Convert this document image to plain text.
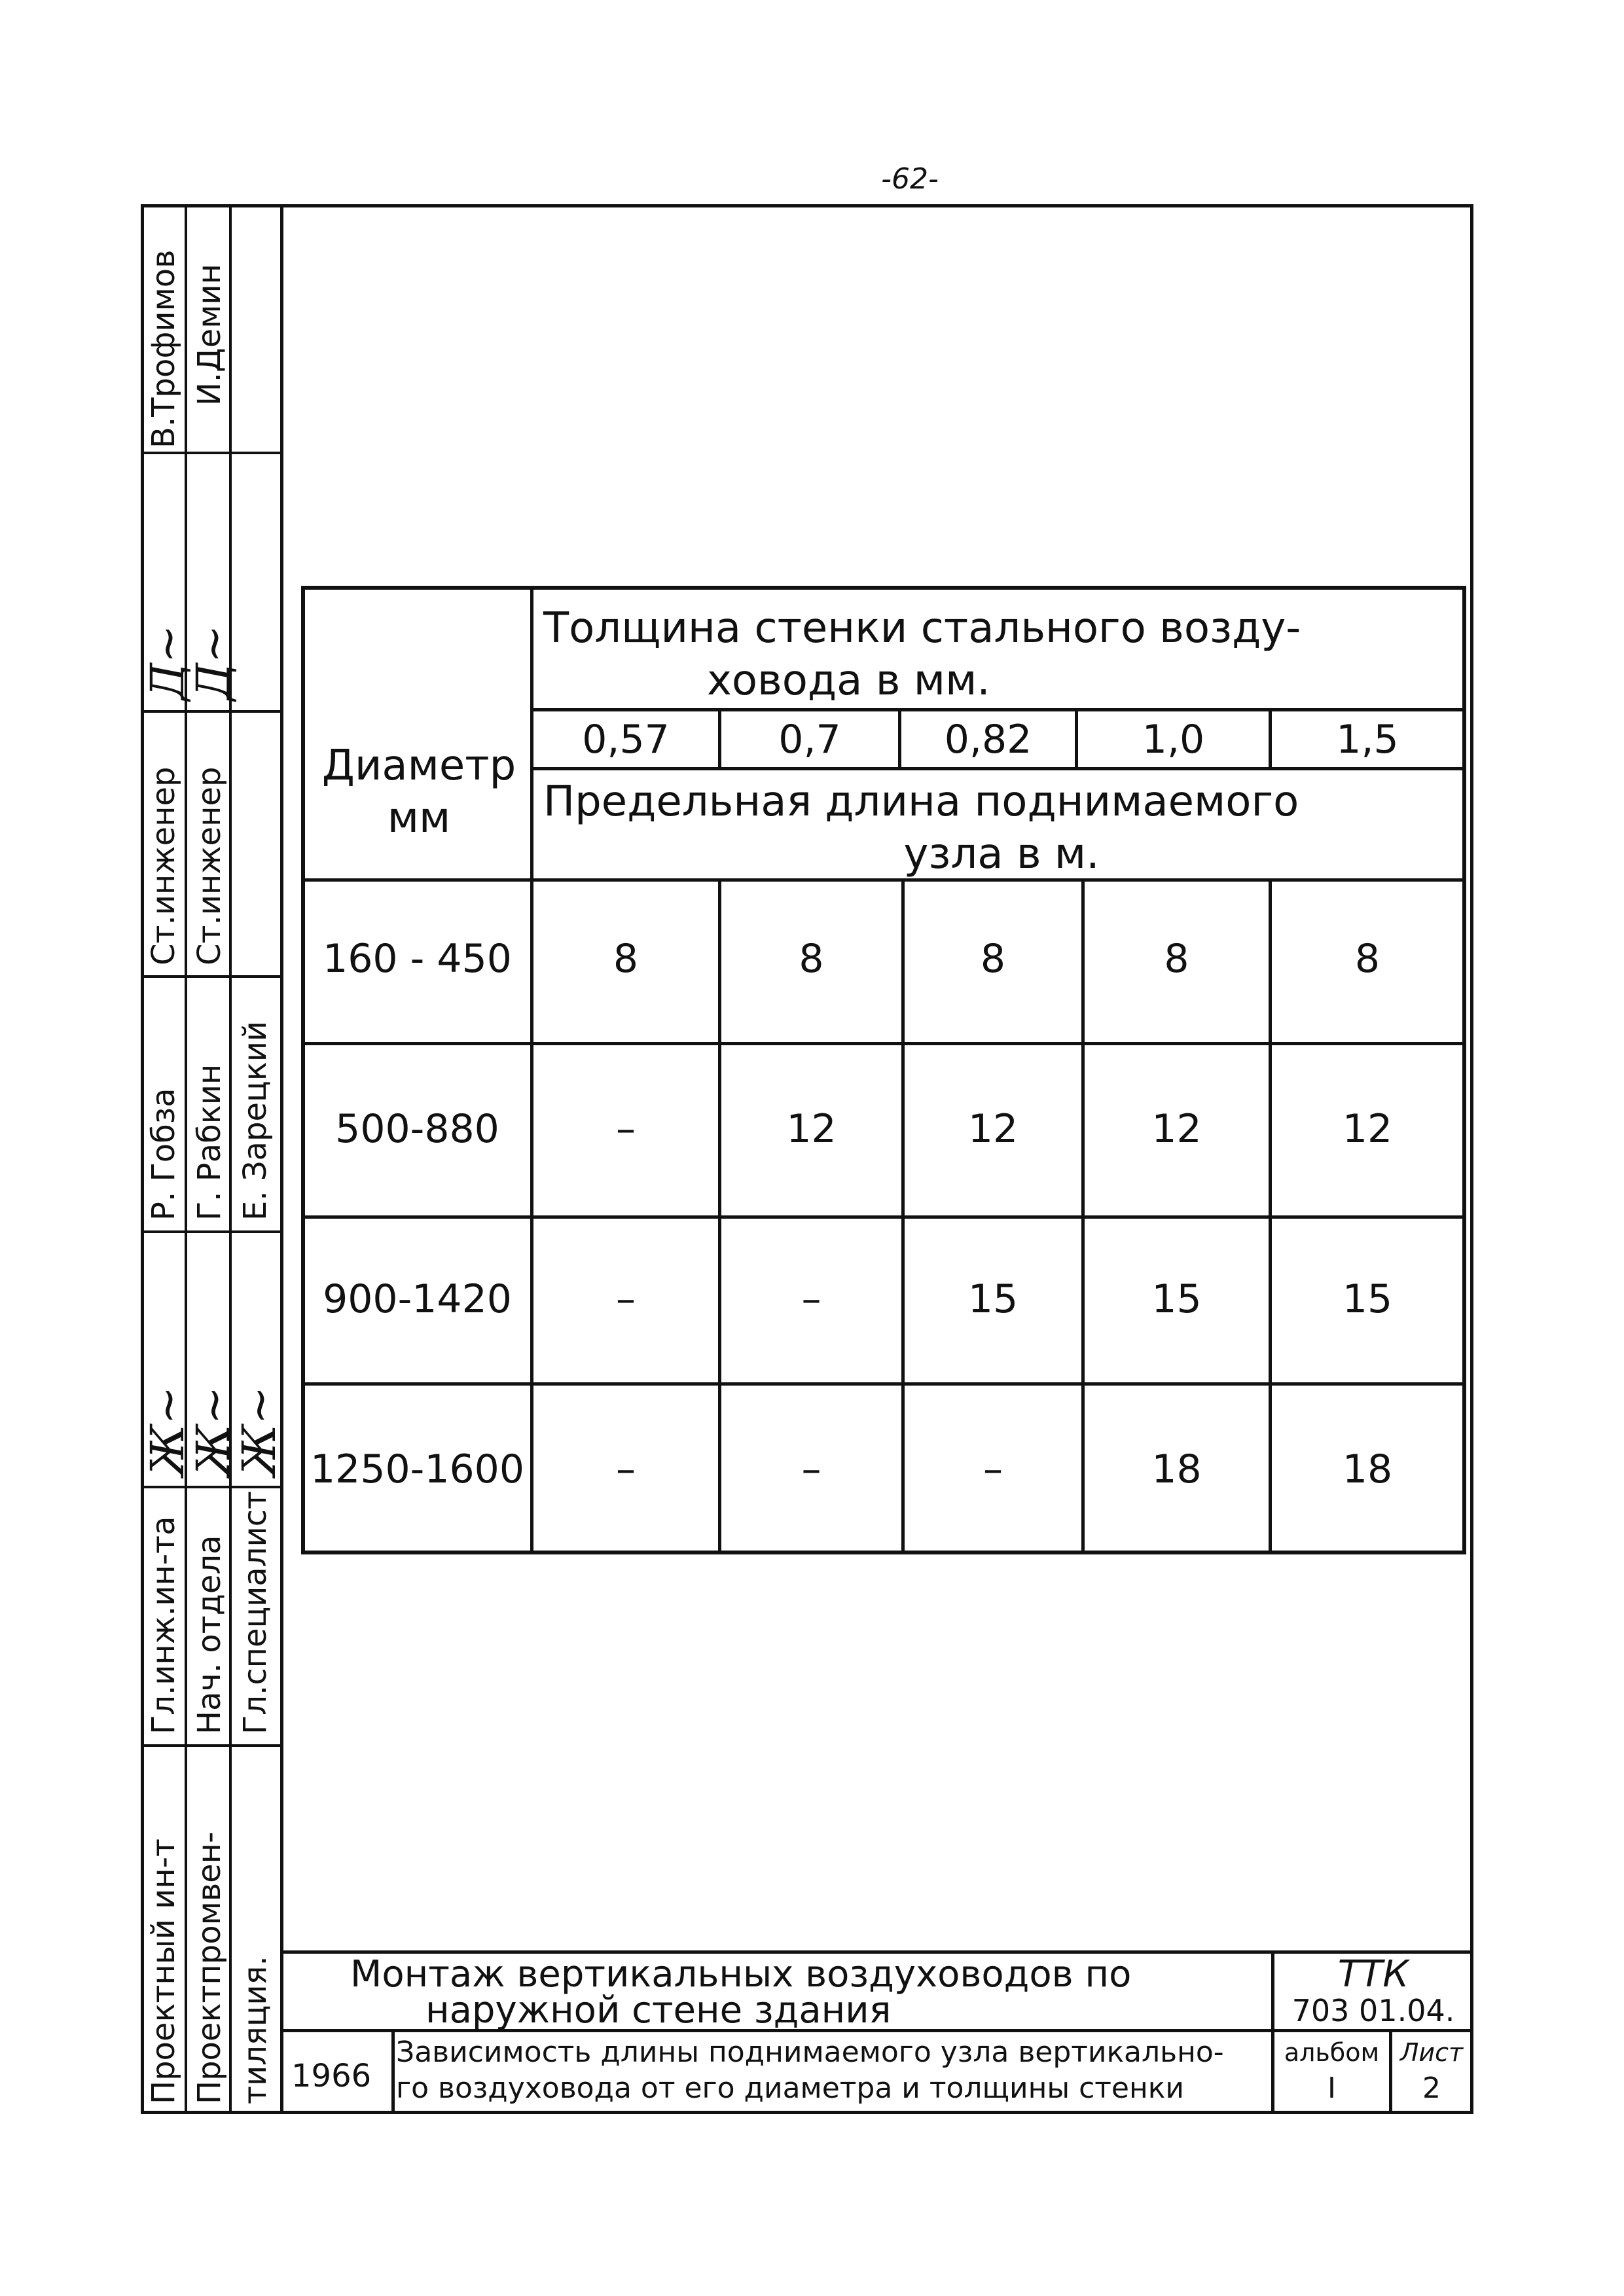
-62-
В.Трофимов И.Демин
Д~
Д~
Ст.инженер Ст.инженер
Р. Гобза Г. Рабкин Е. Зарецкий
Ж~
Ж~
Ж~
Гл.инж.ин-та Нач. отдела Гл.специалист
Проектный ин-т Проектпромвен- тиляция.
Диаметр
мм
Толщина стенки стального возду-
ховода в мм.
0,57	0,7	0,82	1,0	1,5
Предельная длина поднимаемого
узла в м.
160 - 450	8	8	8	8	8
500-880	–	12	12	12	12
900-1420	–	–	15	15	15
1250-1600	–	–	–	18	18
Монтаж вертикальных воздуховодов по
наружной стене здания
ТТК
703 01.04.
1966
Зависимость длины поднимаемого узла вертикально-
го воздуховода от его диаметра и толщины стенки
альбом
I
Лист
2
